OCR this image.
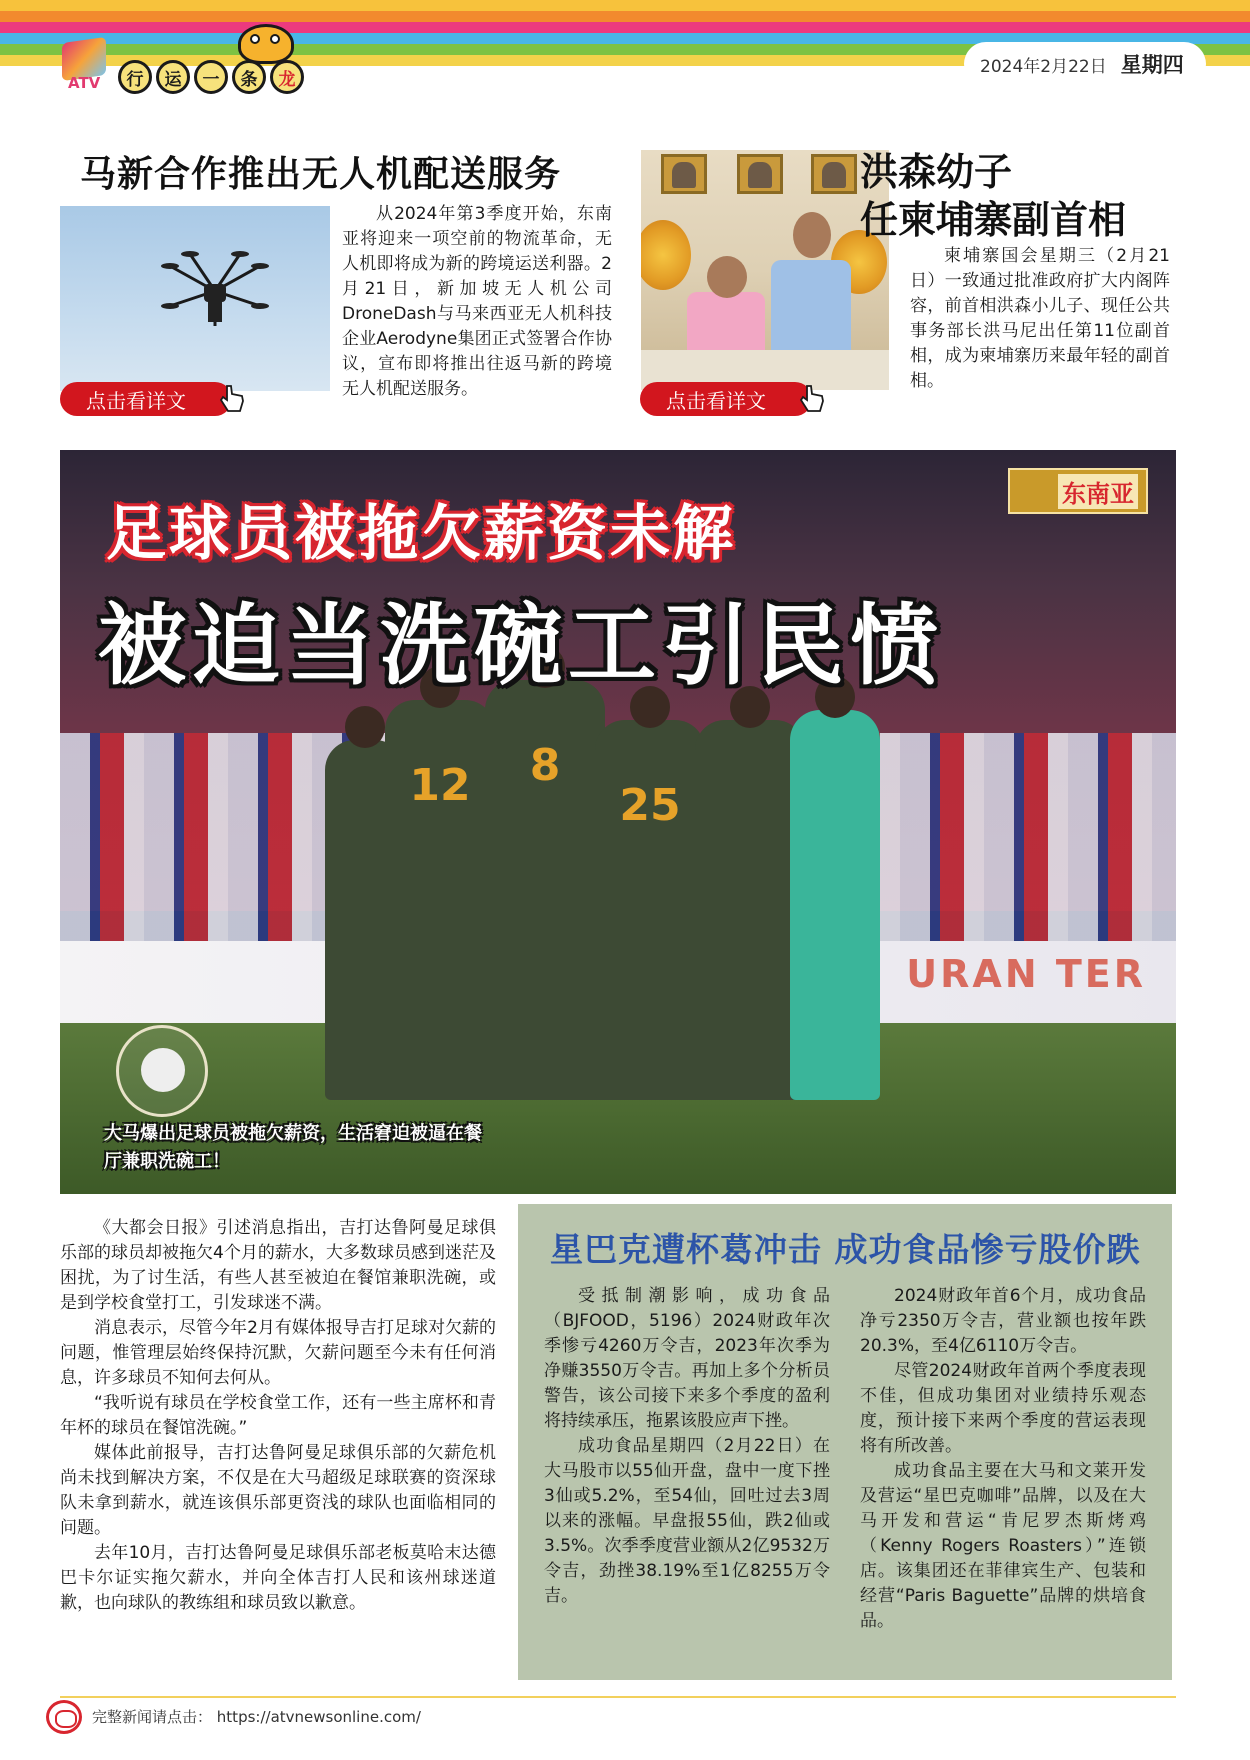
ATV	行	运	一	条	龙
2024年2月22日 星期四
马新合作推出无人机配送服务
从2024年第3季度开始，东南亚将迎来一项空前的物流革命，无人机即将成为新的跨境运送利器。2月21日，新加坡无人机公司DroneDash与马来西亚无人机科技企业Aerodyne集团正式签署合作协议，宣布即将推出往返马新的跨境无人机配送服务。
点击看详文
洪森幼子
任柬埔寨副首相
柬埔寨国会星期三（2月21日）一致通过批准政府扩大内阁阵容，前首相洪森小儿子、现任公共事务部长洪马尼出任第11位副首相，成为柬埔寨历来最年轻的副首相。
点击看详文
URAN TER
12	8
25
东南亚
足球员被拖欠薪资未解
被迫当洗碗工引民愤
大马爆出足球员被拖欠薪资，生活窘迫被逼在餐厅兼职洗碗工！

《大都会日报》引述消息指出，吉打达鲁阿曼足球俱乐部的球员却被拖欠4个月的薪水，大多数球员感到迷茫及困扰，为了讨生活，有些人甚至被迫在餐馆兼职洗碗，或是到学校食堂打工，引发球迷不满。

消息表示，尽管今年2月有媒体报导吉打足球对欠薪的问题，惟管理层始终保持沉默，欠薪问题至今未有任何消息，许多球员不知何去何从。

“我听说有球员在学校食堂工作，还有一些主席杯和青年杯的球员在餐馆洗碗。”

媒体此前报导，吉打达鲁阿曼足球俱乐部的欠薪危机尚未找到解决方案，不仅是在大马超级足球联赛的资深球队未拿到薪水，就连该俱乐部更资浅的球队也面临相同的问题。

去年10月，吉打达鲁阿曼足球俱乐部老板莫哈末达德巴卡尔证实拖欠薪水，并向全体吉打人民和该州球迷道歉，也向球队的教练组和球员致以歉意。

星巴克遭杯葛冲击 成功食品惨亏股价跌

受抵制潮影响，成功食品（BJFOOD，5196）2024财政年次季惨亏4260万令吉，2023年次季为净赚3550万令吉。再加上多个分析员警告，该公司接下来多个季度的盈利将持续承压，拖累该股应声下挫。

成功食品星期四（2月22日）在大马股市以55仙开盘，盘中一度下挫3仙或5.2%，至54仙，回吐过去3周以来的涨幅。早盘报55仙，跌2仙或3.5%。次季季度营业额从2亿9532万令吉，劲挫38.19%至1亿8255万令吉。

2024财政年首6个月，成功食品净亏2350万令吉，营业额也按年跌20.3%，至4亿6110万令吉。

尽管2024财政年首两个季度表现不佳，但成功集团对业绩持乐观态度，预计接下来两个季度的营运表现将有所改善。

成功食品主要在大马和文莱开发及营运“星巴克咖啡”品牌，以及在大马开发和营运“肯尼罗杰斯烤鸡（Kenny Rogers Roasters）”连锁店。该集团还在菲律宾生产、包装和经营“Paris Baguette”品牌的烘培食品。

完整新闻请点击： https://atvnewsonline.com/
